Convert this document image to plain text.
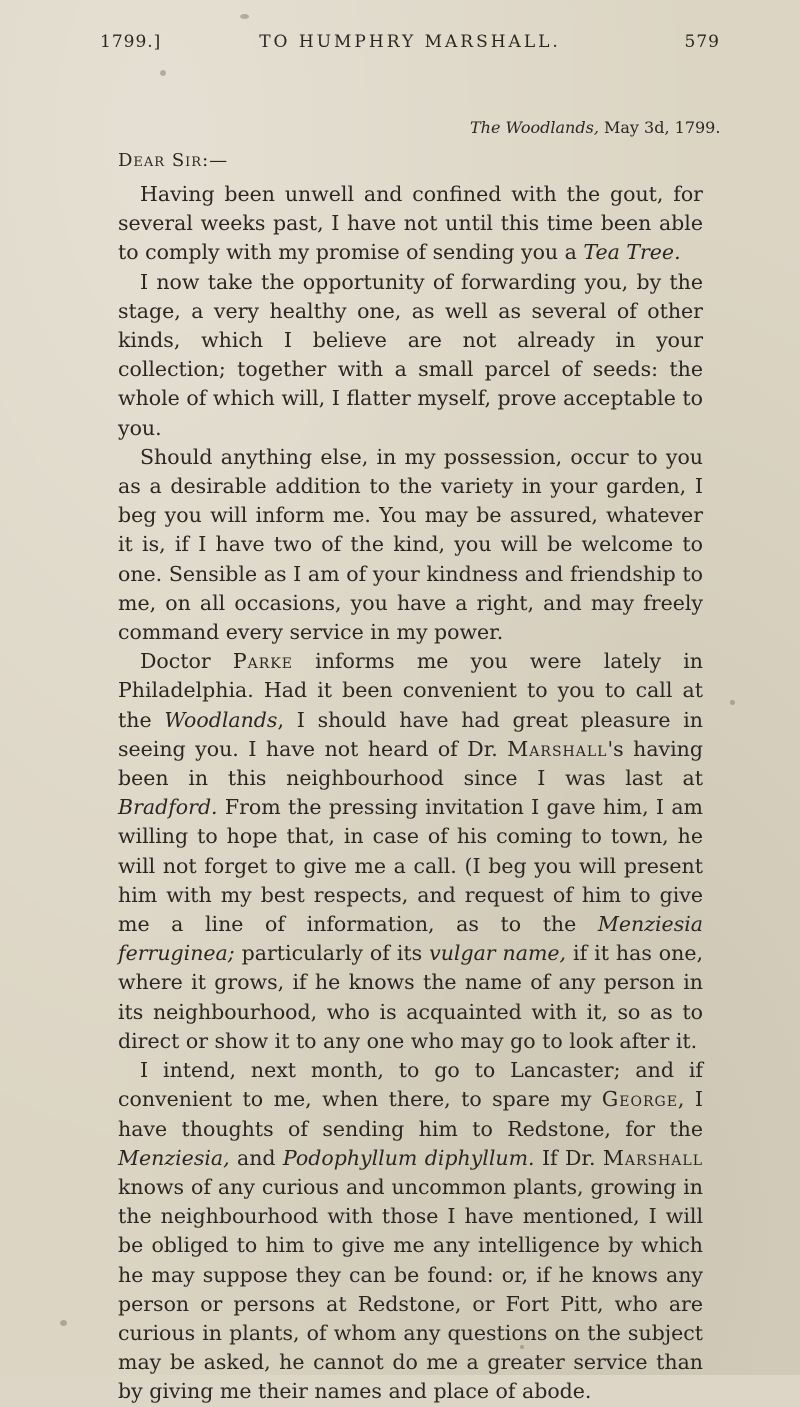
1799.]	TO HUMPHRY MARSHALL.	579
The Woodlands, May 3d, 1799.
Dear Sir:—

Having been unwell and confined with the gout, for several weeks past, I have not until this time been able to comply with my promise of sending you a Tea Tree.

I now take the opportunity of forwarding you, by the stage, a very healthy one, as well as several of other kinds, which I believe are not already in your collection; together with a small parcel of seeds: the whole of which will, I flatter myself, prove acceptable to you.

Should anything else, in my possession, occur to you as a desirable addition to the variety in your garden, I beg you will inform me. You may be assured, whatever it is, if I have two of the kind, you will be welcome to one. Sensible as I am of your kindness and friendship to me, on all occasions, you have a right, and may freely command every service in my power.

Doctor Parke informs me you were lately in Philadelphia. Had it been convenient to you to call at the Woodlands, I should have had great pleasure in seeing you. I have not heard of Dr. Marshall's having been in this neighbourhood since I was last at Bradford. From the pressing invitation I gave him, I am willing to hope that, in case of his coming to town, he will not forget to give me a call. (I beg you will present him with my best respects, and request of him to give me a line of information, as to the Menziesia ferruginea; particularly of its vulgar name, if it has one, where it grows, if he knows the name of any person in its neighbourhood, who is acquainted with it, so as to direct or show it to any one who may go to look after it.

I intend, next month, to go to Lancaster; and if convenient to me, when there, to spare my George, I have thoughts of sending him to Redstone, for the Menziesia, and Podophyllum diphyllum. If Dr. Marshall knows of any curious and uncommon plants, growing in the neighbourhood with those I have mentioned, I will be obliged to him to give me any intelligence by which he may suppose they can be found: or, if he knows any person or persons at Redstone, or Fort Pitt, who are curious in plants, of whom any questions on the subject may be asked, he cannot do me a greater service than by giving me their names and place of abode.
